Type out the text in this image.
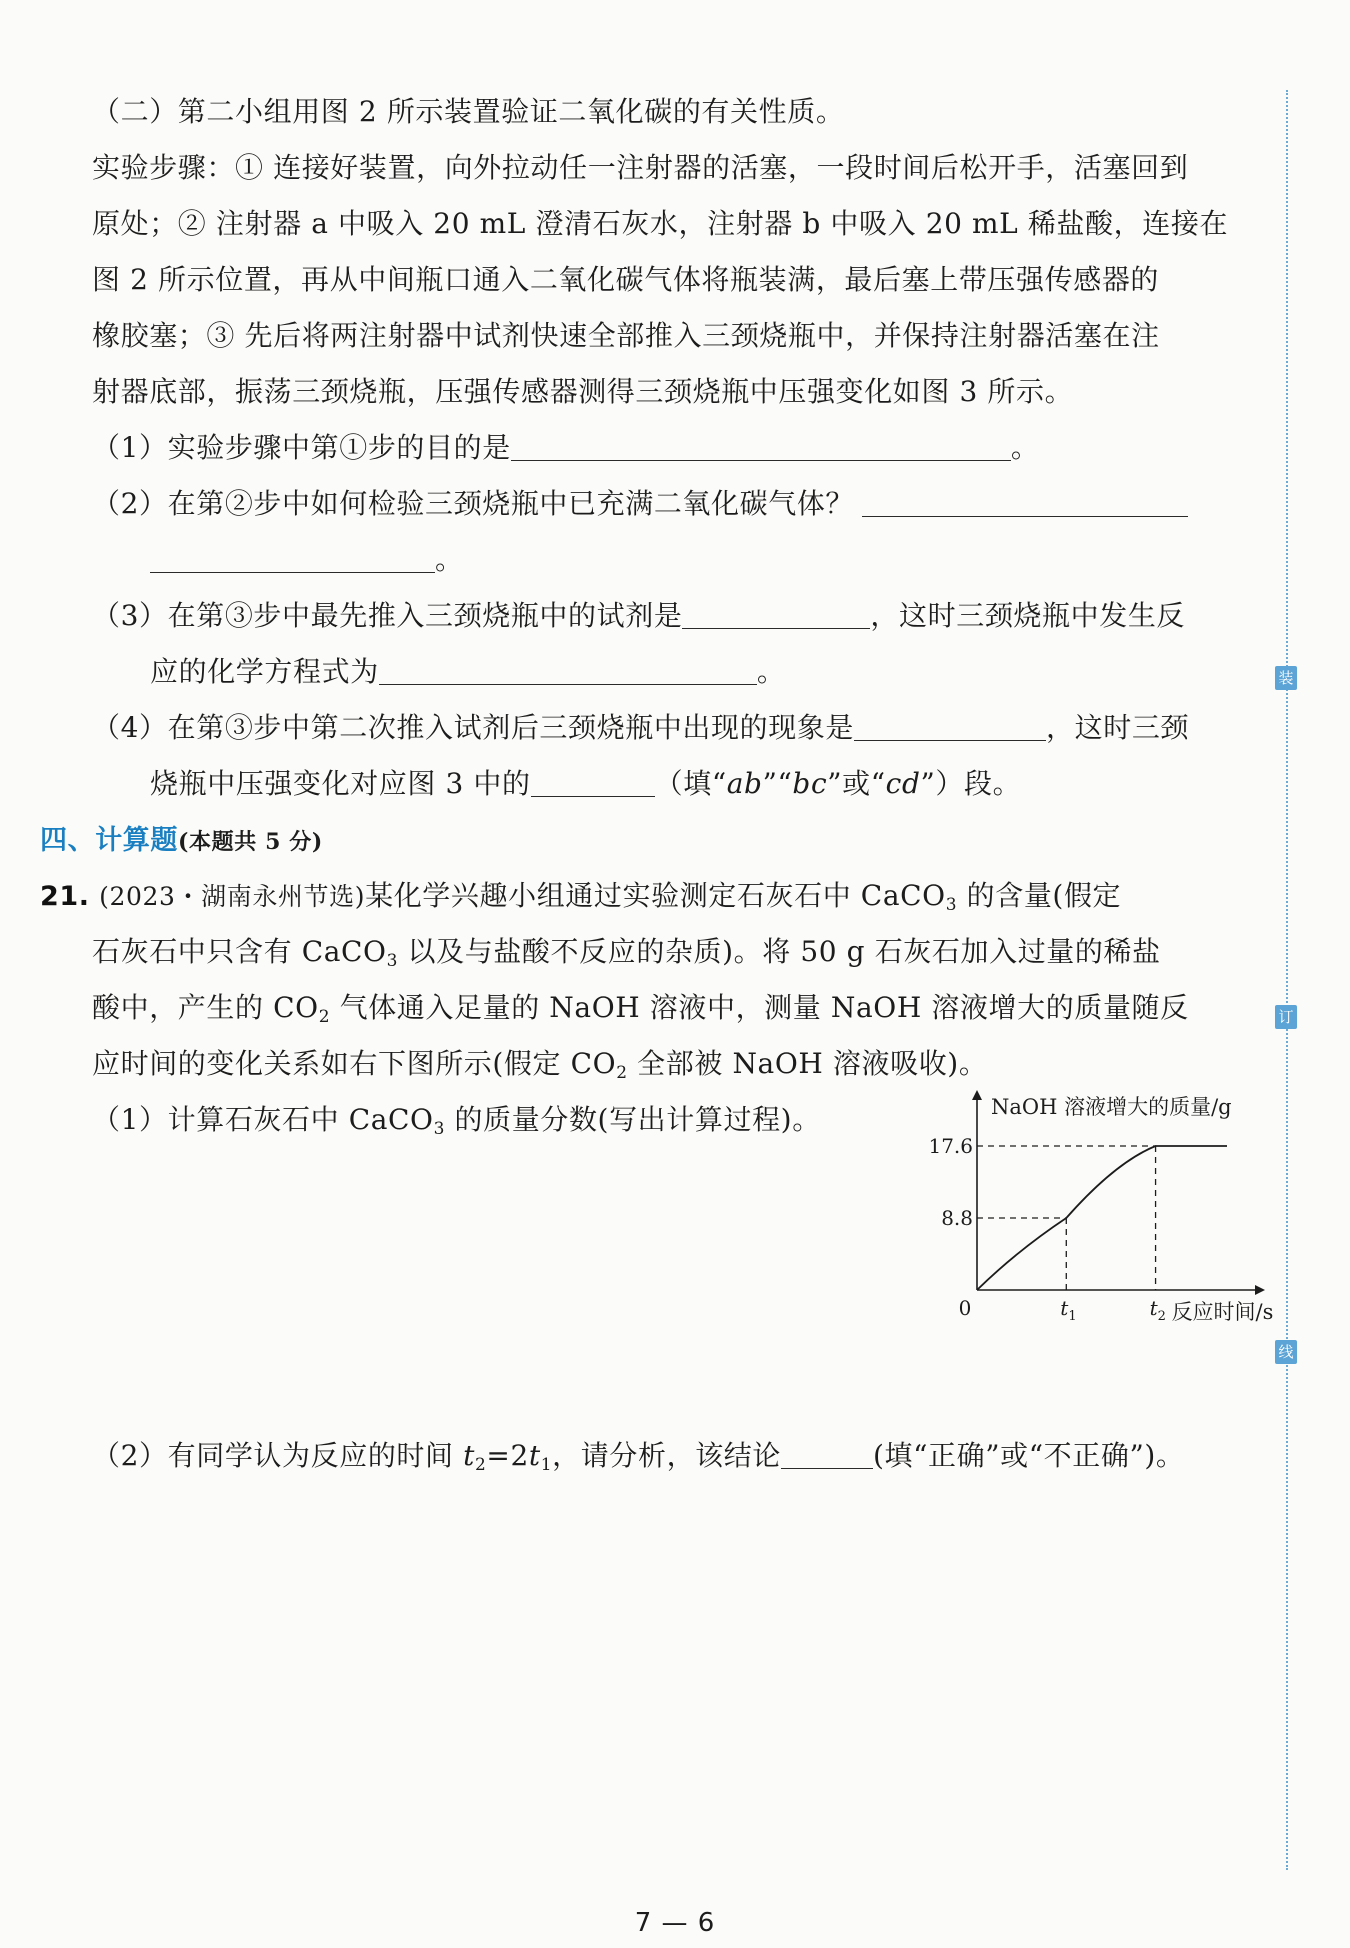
装
订
线
（二）第二小组用图 2 所示装置验证二氧化碳的有关性质。
实验步骤：① 连接好装置，向外拉动任一注射器的活塞，一段时间后松开手，活塞回到
原处；② 注射器 a 中吸入 20 mL 澄清石灰水，注射器 b 中吸入 20 mL 稀盐酸，连接在
图 2 所示位置，再从中间瓶口通入二氧化碳气体将瓶装满，最后塞上带压强传感器的
橡胶塞；③ 先后将两注射器中试剂快速全部推入三颈烧瓶中，并保持注射器活塞在注
射器底部，振荡三颈烧瓶，压强传感器测得三颈烧瓶中压强变化如图 3 所示。
（1）实验步骤中第①步的目的是	。
（2）在第②步中如何检验三颈烧瓶中已充满二氧化碳气体？
。
（3）在第③步中最先推入三颈烧瓶中的试剂是	，这时三颈烧瓶中发生反
应的化学方程式为	。
（4）在第③步中第二次推入试剂后三颈烧瓶中出现的现象是	，这时三颈
烧瓶中压强变化对应图 3 中的	（填“ab”“bc”或“cd”）段。
四、计算题(本题共 5 分)
21. (2023・湖南永州节选)某化学兴趣小组通过实验测定石灰石中 CaCO$_3$ 的含量(假定
石灰石中只含有 CaCO$_3$ 以及与盐酸不反应的杂质)。将 50 g 石灰石加入过量的稀盐
酸中，产生的 $CO_2$ 气体通入足量的 NaOH 溶液中，测量 NaOH 溶液增大的质量随反
应时间的变化关系如右下图所示(假定 $CO_2$ 全部被 NaOH 溶液吸收)。
（1）计算石灰石中 CaCO$_3$ 的质量分数(写出计算过程)。
8.8
17.6
$t_1$	$t_2$
0
NaOH 溶液增大的质量/g
反应时间/s
（2）有同学认为反应的时间 $t_2=2t_1$，请分析，该结论	(填“正确”或“不正确”)。
7 — 6
